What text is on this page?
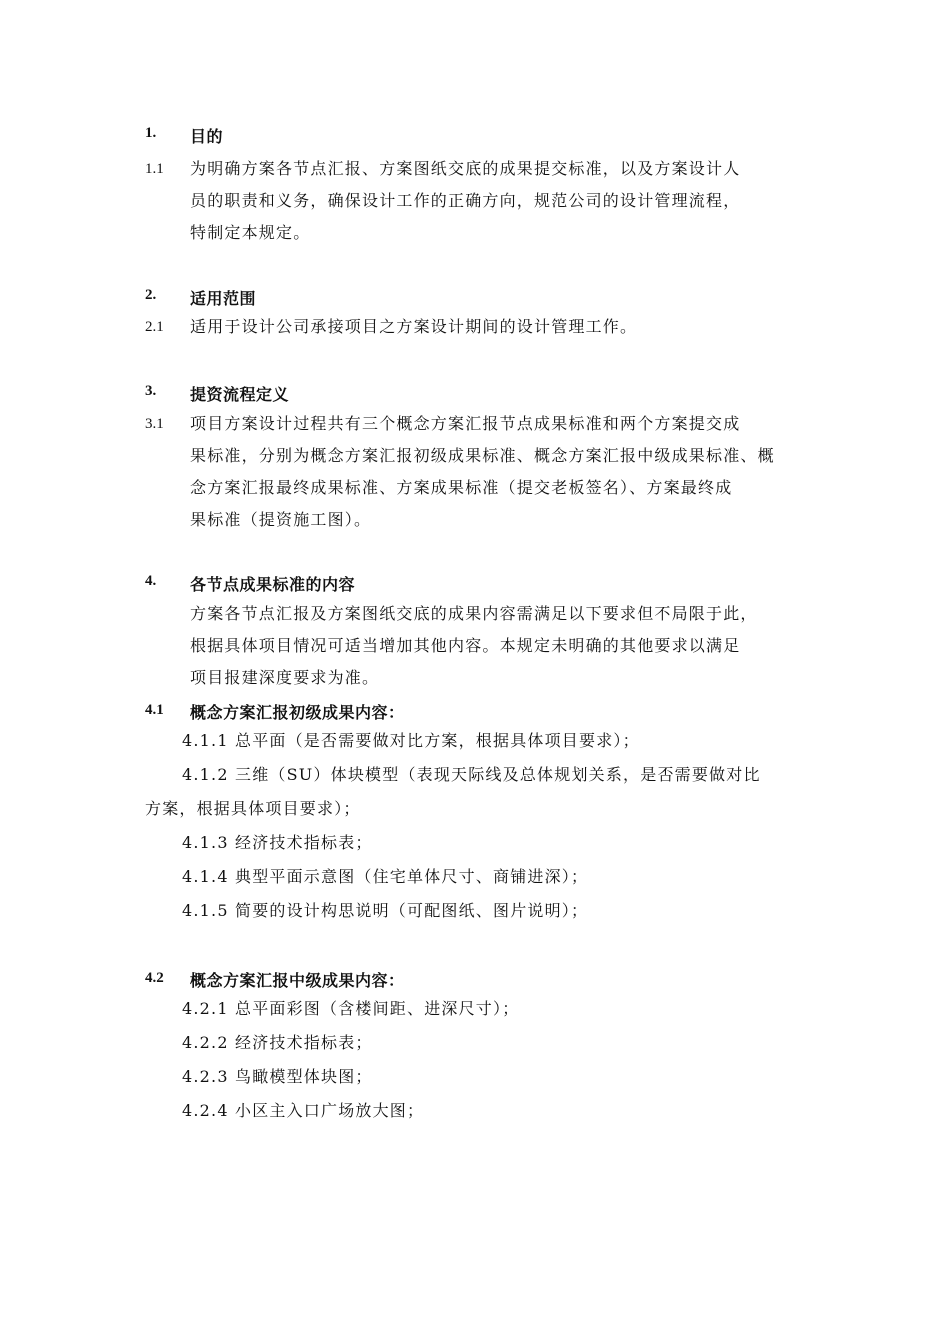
1. 目的
1.1 为明确方案各节点汇报、方案图纸交底的成果提交标准，以及方案设计人
员的职责和义务，确保设计工作的正确方向，规范公司的设计管理流程，
特制定本规定。
2. 适用范围
2.1 适用于设计公司承接项目之方案设计期间的设计管理工作。
3. 提资流程定义
3.1 项目方案设计过程共有三个概念方案汇报节点成果标准和两个方案提交成
果标准，分别为概念方案汇报初级成果标准、概念方案汇报中级成果标准、概
念方案汇报最终成果标准、方案成果标准（提交老板签名）、方案最终成
果标准（提资施工图）。
4. 各节点成果标准的内容
方案各节点汇报及方案图纸交底的成果内容需满足以下要求但不局限于此，
根据具体项目情况可适当增加其他内容。本规定未明确的其他要求以满足
项目报建深度要求为准。
4.1 概念方案汇报初级成果内容：
4.1.1 总平面（是否需要做对比方案，根据具体项目要求）；
4.1.2 三维（SU）体块模型（表现天际线及总体规划关系，是否需要做对比
方案，根据具体项目要求）；
4.1.3 经济技术指标表；
4.1.4 典型平面示意图（住宅单体尺寸、商铺进深）；
4.1.5 简要的设计构思说明（可配图纸、图片说明）；
4.2 概念方案汇报中级成果内容：
4.2.1 总平面彩图（含楼间距、进深尺寸）；
4.2.2 经济技术指标表；
4.2.3 鸟瞰模型体块图；
4.2.4 小区主入口广场放大图；
